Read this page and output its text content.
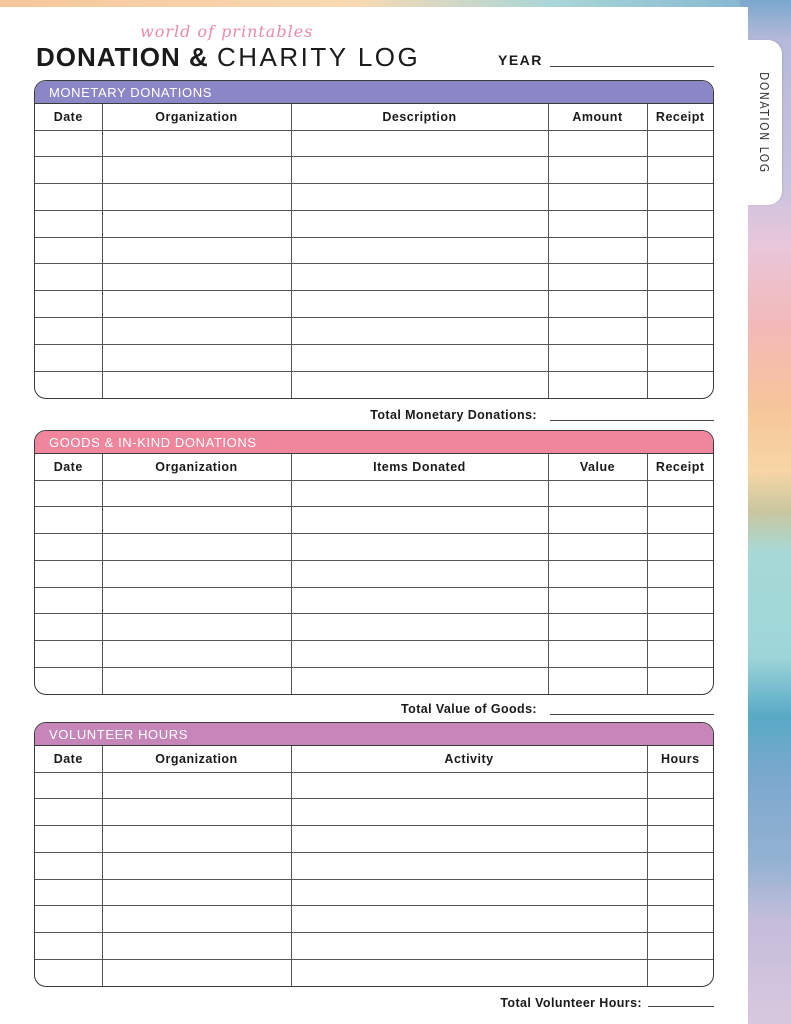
DONATION LOG
world of printables
DONATION & CHARITY LOG	YEAR
MONETARY DONATIONS
Date	Organization	Description	Amount	Receipt

Total Monetary Donations:
GOODS & IN-KIND DONATIONS
Date	Organization	Items Donated	Value	Receipt

Total Value of Goods:
VOLUNTEER HOURS
Date	Organization	Activity	Hours

Total Volunteer Hours:
